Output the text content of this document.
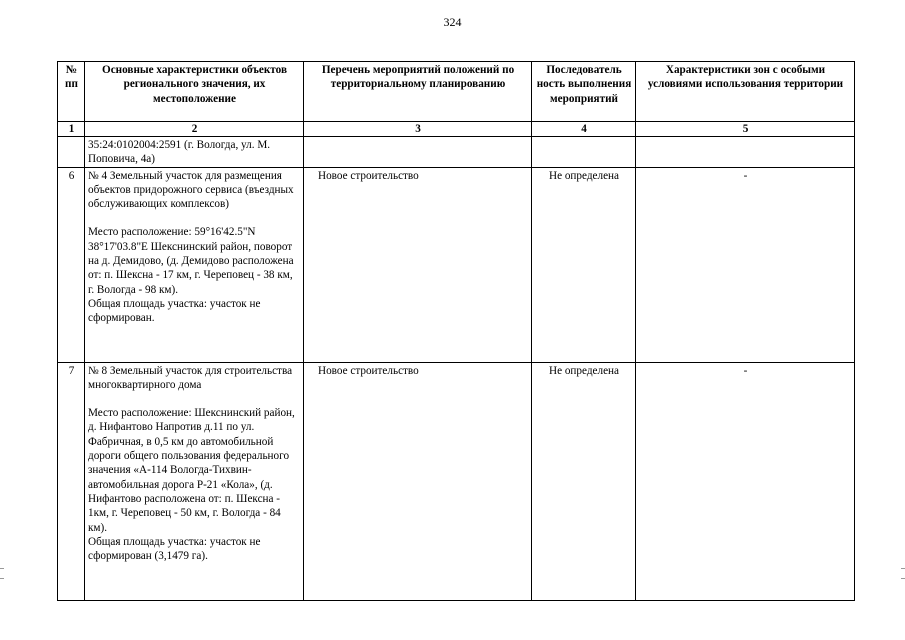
324
№ пп	Основные характеристики объектов регионального значения, их местоположение	Перечень мероприятий положений по территориальному планированию	Последователь ность выполнения мероприятий	Характеристики зон с особыми условиями использования территории
1	2	3	4	5
	35:24:0102004:2591 (г. Вологда, ул. М. Поповича, 4а)			
6	№ 4 Земельный участок для размещения объектов придорожного сервиса (въездных обслуживающих комплексов)
Место расположение: 59°16'42.5"N 38°17'03.8"E Шекснинский район, поворот на д. Демидово, (д. Демидово расположена от: п. Шексна - 17 км, г. Череповец - 38 км, г. Вологда - 98 км).
Общая площадь участка: участок не сформирован.	Новое строительство	Не определена	-
7	№ 8 Земельный участок для строительства многоквартирного дома
Место расположение: Шекснинский район, д. Нифантово Напротив д.11 по ул. Фабричная, в 0,5 км до автомобильной дороги общего пользования федерального значения «А-114 Вологда-Тихвин-автомобильная дорога Р-21 «Кола», (д. Нифантово расположена от: п. Шексна - 1км, г. Череповец - 50 км, г. Вологда - 84 км).
Общая площадь участка: участок не сформирован (3,1479 га).	Новое строительство	Не определена	-
